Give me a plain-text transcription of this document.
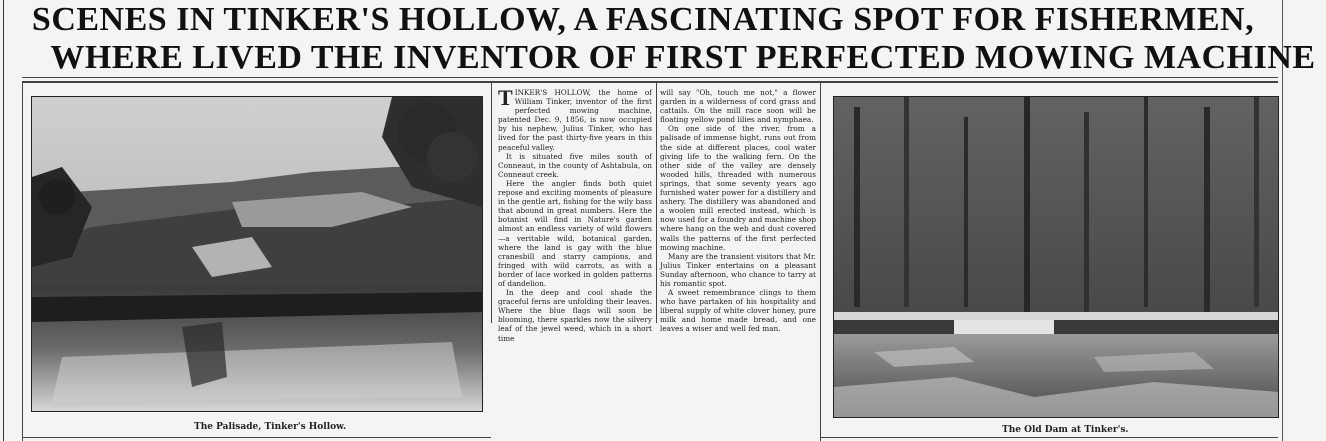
SCENES IN TINKER'S HOLLOW, A FASCINATING SPOT FOR FISHERMEN,
WHERE LIVED THE INVENTOR OF FIRST PERFECTED MOWING MACHINE
The Palisade, Tinker's Hollow.
T INKER'S HOLLOW, the home of William Tinker, inventor of the first perfected mowing machine, patented Dec. 9, 1856, is now occupied by his nephew, Julius Tinker, who has lived for the past thirty-five years in this peaceful valley.

It is situated five miles south of Conneaut, in the county of Ashtabula, on Conneaut creek.

Here the angler finds both quiet repose and exciting moments of pleasure in the gentle art, fishing for the wily bass that abound in great numbers. Here the botanist will find in Nature's garden almost an endless variety of wild flowers—a veritable wild, botanical garden, where the land is gay with the blue cranesbill and starry campions, and fringed with wild carrots, as with a border of lace worked in golden patterns of dandelion.

In the deep and cool shade the graceful ferns are unfolding their leaves. Where the blue flags will soon be blooming, there sparkles now the silvery leaf of the jewel weed, which in a short time

will say "Oh, touch me not," a flower garden in a wilderness of cord grass and cattails. On the mill race soon will be floating yellow pond lilies and nymphaea.

On one side of the river, from a palisade of immense hight, runs out from the side at different places, cool water giving life to the walking fern. On the other side of the valley are densely wooded hills, threaded with numerous springs, that some seventy years ago furnished water power for a distillery and ashery. The distillery was abandoned and a woolen mill erected instead, which is now used for a foundry and machine shop where hang on the web and dust covered walls the patterns of the first perfected mowing machine.

Many are the transient visitors that Mr. Julius Tinker entertains on a pleasant Sunday afternoon, who chance to tarry at his romantic spot.

A sweet remembrance clings to them who have partaken of his hospitality and liberal supply of white clover honey, pure milk and home made bread, and one leaves a wiser and well fed man.

The Old Dam at Tinker's.
